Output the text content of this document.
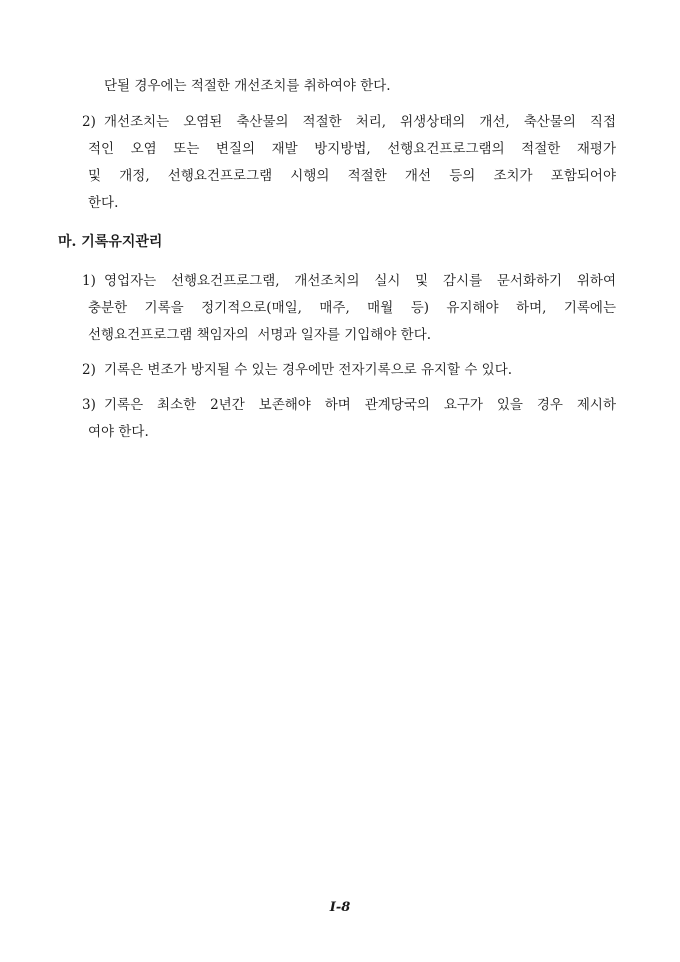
단될 경우에는 적절한 개선조치를 취하여야 한다.
2) 개선조치는 오염된 축산물의 적절한 처리, 위생상태의 개선, 축산물의 직접
적인 오염 또는 변질의 재발 방지방법, 선행요건프로그램의 적절한 재평가
및 개정, 선행요건프로그램 시행의 적절한 개선 등의 조치가 포함되어야
한다.
마. 기록유지관리
1) 영업자는 선행요건프로그램, 개선조치의 실시 및 감시를 문서화하기 위하여
충분한 기록을 정기적으로(매일, 매주, 매월 등) 유지해야 하며, 기록에는
선행요건프로그램 책임자의  서명과 일자를 기입해야 한다.
2) 기록은 변조가 방지될 수 있는 경우에만 전자기록으로 유지할 수 있다.
3) 기록은 최소한 2년간 보존해야 하며 관계당국의 요구가 있을 경우 제시하
여야 한다.
I-8
